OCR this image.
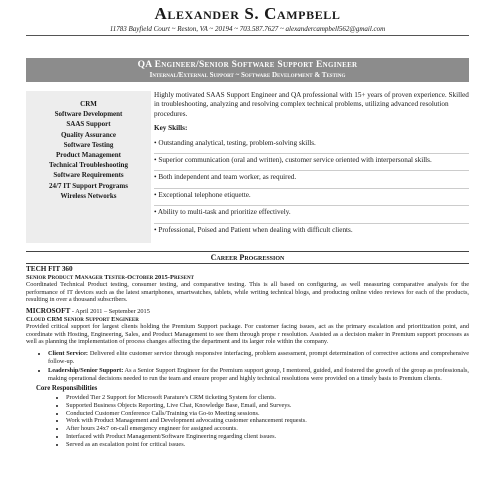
Alexander S. Campbell
11783 Bayfield Court ~ Reston, VA ~ 20194 ~ 703.587.7627 ~ alexandercampbell562@gmail.com
QA Engineer/Senior Software Support Engineer
Internal/External Support ~ Software Development & Testing
CRM
Software Development
SAAS Support
Quality Assurance
Software Testing
Product Management
Technical Troubleshooting
Software Requirements
24/7 IT Support Programs
Wireless Networks

Highly motivated SAAS Support Engineer and QA professional with 15+ years of proven experience. Skilled in troubleshooting, analyzing and resolving complex technical problems, utilizing advanced resolution procedures.

Key Skills:
• Outstanding analytical, testing, problem-solving skills.
• Superior communication (oral and written), customer service oriented with interpersonal skills.
• Both independent and team worker, as required.
• Exceptional telephone etiquette.
• Ability to multi-task and prioritize effectively.
• Professional, Poised and Patient when dealing with difficult clients.
Career Progression
TECH FIT 360
Senior Product Manager Tester-October 2015-Present

Coordinated Technical Product testing, consumer testing, and comparative testing. This is all based on configuring, as well measuring comparative analysis for the performance of IT devices such as the latest smartphones, smartwatches, tablets, while writing technical blogs, and producing online video reviews for each of the products, resulting in over a thousand subscribers.

MICROSOFT - April 2011 – September 2015
Cloud CRM Senior Support Engineer

Provided critical support for largest clients holding the Premium Support package. For customer facing issues, act as the primary escalation and prioritization point, and coordinate with Hosting, Engineering, Sales, and Product Management to see them through prope r resolution. Assisted as a decision maker in Premium support processes as well as planning the implementation of process changes affecting the department and its larger role within the company.

• Client Service: Delivered elite customer service through responsive interfacing, problem assessment, prompt determination of corrective actions and comprehensive follow-up.
• Leadership/Senior Support: As a Senior Support Engineer for the Premium support group, I mentored, guided, and fostered the growth of the group as professionals, making operational decisions needed to run the team and ensure proper and highly technical resolutions were provided on a timely basis to Premium clients.
Core Responsibilities
• Provided Tier 2 Support for Microsoft Parature's CRM ticketing System for clients.
• Supported Business Objects Reporting, Live Chat, Knowledge Base, Email, and Surveys.
• Conducted Customer Conference Calls/Training via Go-to Meeting sessions.
• Work with Product Management and Development advocating customer enhancement requests.
• After hours 24x7 on-call emergency engineer for assigned accounts.
• Interfaced with Product Management/Software Engineering regarding client issues.
• Served as an escalation point for critical issues.
